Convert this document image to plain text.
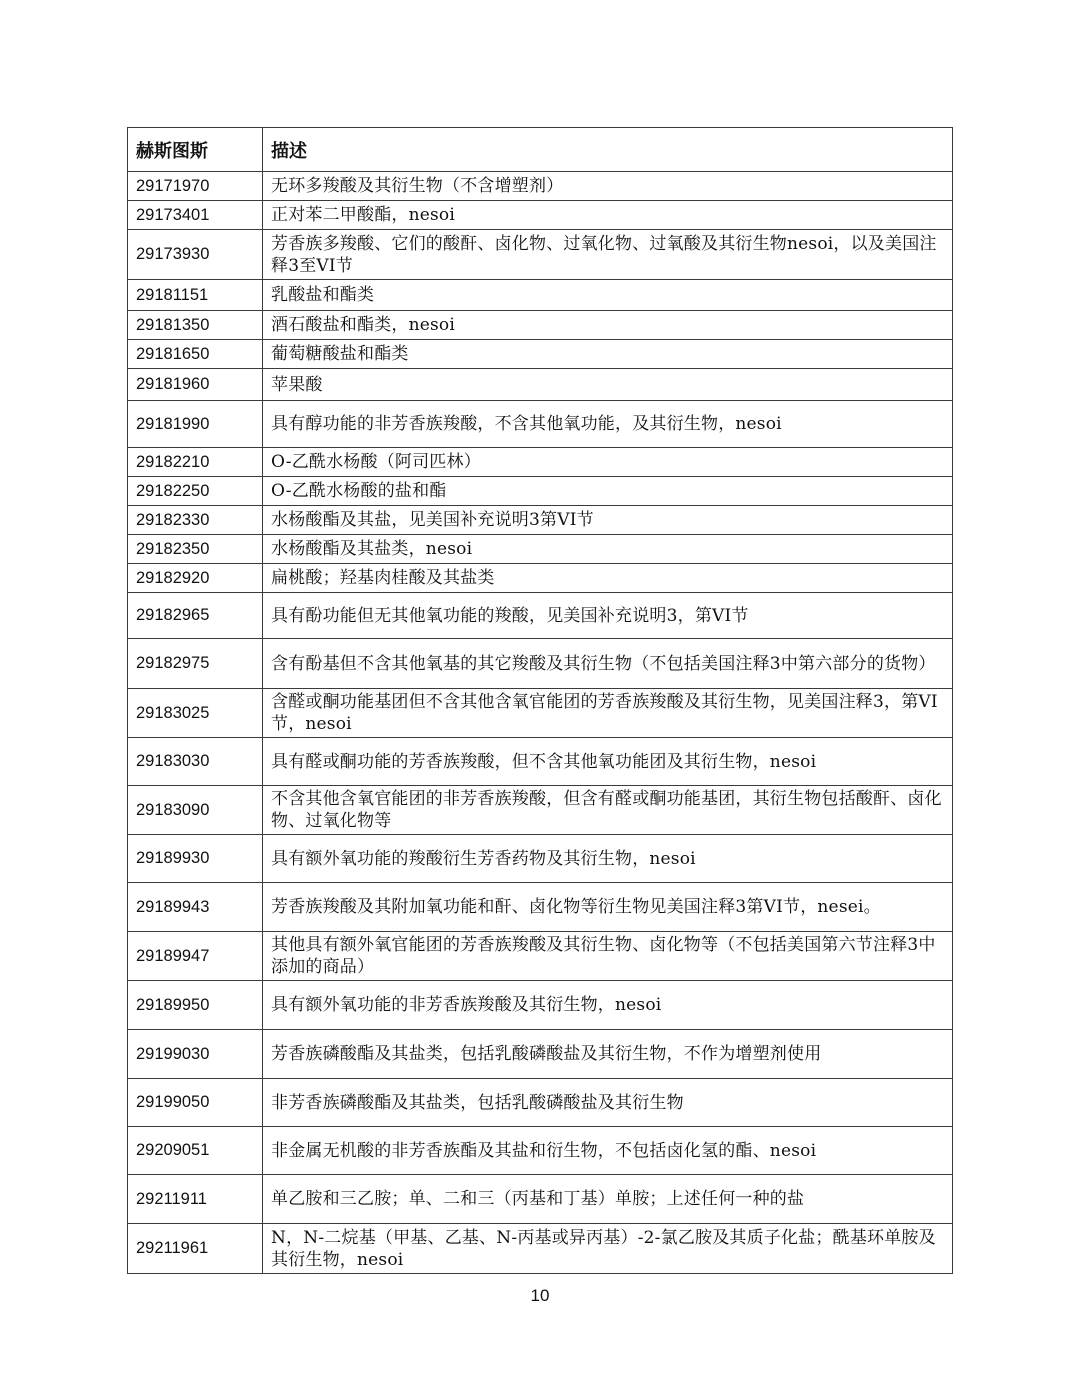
赫斯图斯	描述
29171970	无环多羧酸及其衍生物（不含增塑剂）
29173401	正对苯二甲酸酯，nesoi
29173930	芳香族多羧酸、它们的酸酐、卤化物、过氧化物、过氧酸及其衍生物nesoi，以及美国注释3至VI节
29181151	乳酸盐和酯类
29181350	酒石酸盐和酯类，nesoi
29181650	葡萄糖酸盐和酯类
29181960	苹果酸
29181990	具有醇功能的非芳香族羧酸，不含其他氧功能，及其衍生物，nesoi
29182210	O-乙酰水杨酸（阿司匹林）
29182250	O-乙酰水杨酸的盐和酯
29182330	水杨酸酯及其盐，见美国补充说明3第VI节
29182350	水杨酸酯及其盐类，nesoi
29182920	扁桃酸；羟基肉桂酸及其盐类
29182965	具有酚功能但无其他氧功能的羧酸，见美国补充说明3，第VI节
29182975	含有酚基但不含其他氧基的其它羧酸及其衍生物（不包括美国注释3中第六部分的货物）
29183025	含醛或酮功能基团但不含其他含氧官能团的芳香族羧酸及其衍生物，见美国注释3，第VI节，nesoi
29183030	具有醛或酮功能的芳香族羧酸，但不含其他氧功能团及其衍生物，nesoi
29183090	不含其他含氧官能团的非芳香族羧酸，但含有醛或酮功能基团，其衍生物包括酸酐、卤化物、过氧化物等
29189930	具有额外氧功能的羧酸衍生芳香药物及其衍生物，nesoi
29189943	芳香族羧酸及其附加氧功能和酐、卤化物等衍生物见美国注释3第VI节，nesei。
29189947	其他具有额外氧官能团的芳香族羧酸及其衍生物、卤化物等（不包括美国第六节注释3中添加的商品）
29189950	具有额外氧功能的非芳香族羧酸及其衍生物，nesoi
29199030	芳香族磷酸酯及其盐类，包括乳酸磷酸盐及其衍生物，不作为增塑剂使用
29199050	非芳香族磷酸酯及其盐类，包括乳酸磷酸盐及其衍生物
29209051	非金属无机酸的非芳香族酯及其盐和衍生物，不包括卤化氢的酯、nesoi
29211911	单乙胺和三乙胺；单、二和三（丙基和丁基）单胺；上述任何一种的盐
29211961	N，N-二烷基（甲基、乙基、N-丙基或异丙基）-2-氯乙胺及其质子化盐；酰基环单胺及其衍生物，nesoi
10
